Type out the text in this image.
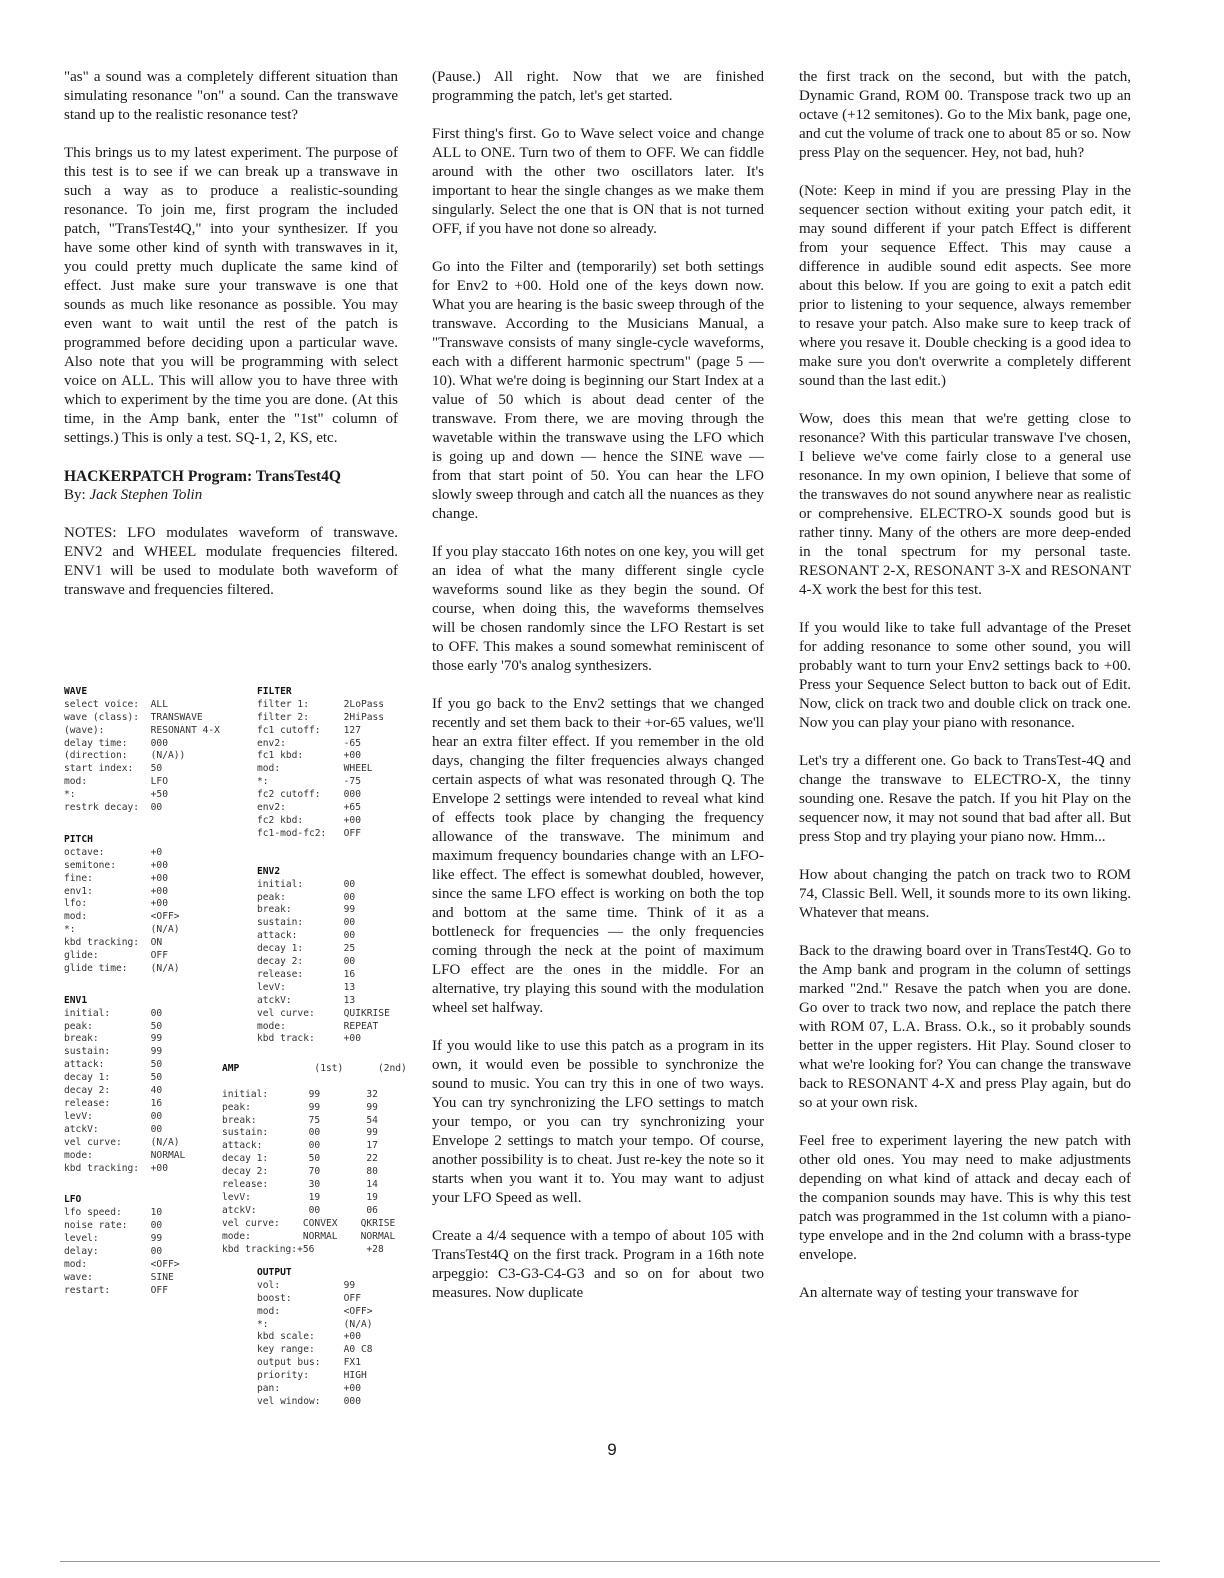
"as" a sound was a completely different situation than simulating resonance "on" a sound. Can the transwave stand up to the realistic resonance test?

This brings us to my latest experiment. The purpose of this test is to see if we can break up a transwave in such a way as to produce a realistic-sounding resonance. To join me, first program the included patch, "TransTest4Q," into your synthesizer. If you have some other kind of synth with transwaves in it, you could pretty much duplicate the same kind of effect. Just make sure your transwave is one that sounds as much like resonance as possible. You may even want to wait until the rest of the patch is programmed before deciding upon a particular wave. Also note that you will be programming with select voice on ALL. This will allow you to have three with which to experiment by the time you are done. (At this time, in the Amp bank, enter the "1st" column of settings.) This is only a test. SQ-1, 2, KS, etc.

HACKERPATCH Program: TransTest4Q
By: Jack Stephen Tolin

NOTES: LFO modulates waveform of transwave. ENV2 and WHEEL modulate frequencies filtered. ENV1 will be used to modulate both waveform of transwave and frequencies filtered.

WAVE
select voice:  ALL
wave (class):  TRANSWAVE
(wave):        RESONANT 4-X
delay time:    000
(direction:    (N/A))
start index:   50
mod:           LFO
*:             +50
restrk decay:  00

PITCH
octave:        +0
semitone:      +00
fine:          +00
env1:          +00
lfo:           +00
mod:           <OFF>
*:             (N/A)
kbd tracking:  ON
glide:         OFF
glide time:    (N/A)

ENV1
initial:       00
peak:          50
break:         99
sustain:       99
attack:        50
decay 1:       50
decay 2:       40
release:       16
levV:          00
atckV:         00
vel curve:     (N/A)
mode:          NORMAL
kbd tracking:  +00

LFO
lfo speed:     10
noise rate:    00
level:         99
delay:         00
mod:           <OFF>
wave:          SINE
restart:       OFF

FILTER
filter 1:      2LoPass
filter 2:      2HiPass
fc1 cutoff:    127
env2:          -65
fc1 kbd:       +00
mod:           WHEEL
*:             -75
fc2 cutoff:    000
env2:          +65
fc2 kbd:       +00
fc1-mod-fc2:   OFF

ENV2
initial:       00
peak:          00
break:         99
sustain:       00
attack:        00
decay 1:       25
decay 2:       00
release:       16
levV:          13
atckV:         13
vel curve:     QUIKRISE
mode:          REPEAT
kbd track:     +00

AMP             (1st)      (2nd)

initial:       99        32
peak:          99        99
break:         75        54
sustain:       00        99
attack:        00        17
decay 1:       50        22
decay 2:       70        80
release:       30        14
levV:          19        19
atckV:         00        06
vel curve:    CONVEX    QKRISE
mode:         NORMAL    NORMAL
kbd tracking:+56         +28

OUTPUT
vol:           99
boost:         OFF
mod:           <OFF>
*:             (N/A)
kbd scale:     +00
key range:     A0 C8
output bus:    FX1
priority:      HIGH
pan:           +00
vel window:    000

(Pause.) All right. Now that we are finished programming the patch, let's get started.

First thing's first. Go to Wave select voice and change ALL to ONE. Turn two of them to OFF. We can fiddle around with the other two oscillators later. It's important to hear the single changes as we make them singularly. Select the one that is ON that is not turned OFF, if you have not done so already.

Go into the Filter and (temporarily) set both settings for Env2 to +00. Hold one of the keys down now. What you are hearing is the basic sweep through of the transwave. According to the Musicians Manual, a "Transwave consists of many single-cycle waveforms, each with a different harmonic spectrum" (page 5 — 10). What we're doing is beginning our Start Index at a value of 50 which is about dead center of the transwave. From there, we are moving through the wavetable within the transwave using the LFO which is going up and down — hence the SINE wave — from that start point of 50. You can hear the LFO slowly sweep through and catch all the nuances as they change.

If you play staccato 16th notes on one key, you will get an idea of what the many different single cycle waveforms sound like as they begin the sound. Of course, when doing this, the waveforms themselves will be chosen randomly since the LFO Restart is set to OFF. This makes a sound somewhat reminiscent of those early '70's analog synthesizers.

If you go back to the Env2 settings that we changed recently and set them back to their +or-65 values, we'll hear an extra filter effect. If you remember in the old days, changing the filter frequencies always changed certain aspects of what was resonated through Q. The Envelope 2 settings were intended to reveal what kind of effects took place by changing the frequency allowance of the transwave. The minimum and maximum frequency boundaries change with an LFO-like effect. The effect is somewhat doubled, however, since the same LFO effect is working on both the top and bottom at the same time. Think of it as a bottleneck for frequencies — the only frequencies coming through the neck at the point of maximum LFO effect are the ones in the middle. For an alternative, try playing this sound with the modulation wheel set halfway.

If you would like to use this patch as a program in its own, it would even be possible to synchronize the sound to music. You can try this in one of two ways. You can try synchronizing the LFO settings to match your tempo, or you can try synchronizing your Envelope 2 settings to match your tempo. Of course, another possibility is to cheat. Just re-key the note so it starts when you want it to. You may want to adjust your LFO Speed as well.

Create a 4/4 sequence with a tempo of about 105 with TransTest4Q on the first track. Program in a 16th note arpeggio: C3-G3-C4-G3 and so on for about two measures. Now duplicate

the first track on the second, but with the patch, Dynamic Grand, ROM 00. Transpose track two up an octave (+12 semitones). Go to the Mix bank, page one, and cut the volume of track one to about 85 or so. Now press Play on the sequencer. Hey, not bad, huh?

(Note: Keep in mind if you are pressing Play in the sequencer section without exiting your patch edit, it may sound different if your patch Effect is different from your sequence Effect. This may cause a difference in audible sound edit aspects. See more about this below. If you are going to exit a patch edit prior to listening to your sequence, always remember to resave your patch. Also make sure to keep track of where you resave it. Double checking is a good idea to make sure you don't overwrite a completely different sound than the last edit.)

Wow, does this mean that we're getting close to resonance? With this particular transwave I've chosen, I believe we've come fairly close to a general use resonance. In my own opinion, I believe that some of the transwaves do not sound anywhere near as realistic or comprehensive. ELECTRO-X sounds good but is rather tinny. Many of the others are more deep-ended in the tonal spectrum for my personal taste. RESONANT 2-X, RESONANT 3-X and RESONANT 4-X work the best for this test.

If you would like to take full advantage of the Preset for adding resonance to some other sound, you will probably want to turn your Env2 settings back to +00. Press your Sequence Select button to back out of Edit. Now, click on track two and double click on track one. Now you can play your piano with resonance.

Let's try a different one. Go back to TransTest-4Q and change the transwave to ELECTRO-X, the tinny sounding one. Resave the patch. If you hit Play on the sequencer now, it may not sound that bad after all. But press Stop and try playing your piano now. Hmm...

How about changing the patch on track two to ROM 74, Classic Bell. Well, it sounds more to its own liking. Whatever that means.

Back to the drawing board over in TransTest4Q. Go to the Amp bank and program in the column of settings marked "2nd." Resave the patch when you are done. Go over to track two now, and replace the patch there with ROM 07, L.A. Brass. O.k., so it probably sounds better in the upper registers. Hit Play. Sound closer to what we're looking for? You can change the transwave back to RESONANT 4-X and press Play again, but do so at your own risk.

Feel free to experiment layering the new patch with other old ones. You may need to make adjustments depending on what kind of attack and decay each of the companion sounds may have. This is why this test patch was programmed in the 1st column with a piano-type envelope and in the 2nd column with a brass-type envelope.

An alternate way of testing your transwave for

9
